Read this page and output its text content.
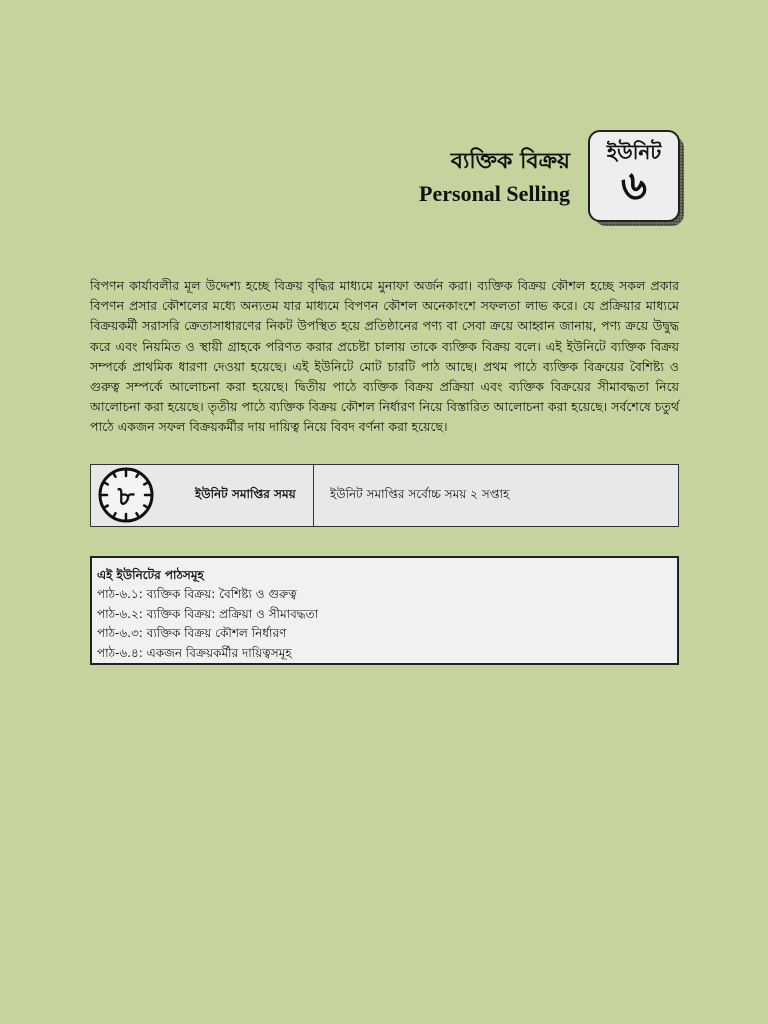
ব্যক্তিক বিক্রয়
Personal Selling
ইউনিট
৬

বিপণন কার্যাবলীর মূল উদ্দেশ্য হচ্ছে বিক্রয় বৃদ্ধির মাধ্যমে মুনাফা অর্জন করা। ব্যক্তিক বিক্রয় কৌশল হচ্ছে সকল প্রকার বিপণন প্রসার কৌশলের মধ্যে অন্যতম যার মাধ্যমে বিপণন কৌশল অনেকাংশে সফলতা লাভ করে। যে প্রক্রিয়ার মাধ্যমে বিক্রয়কর্মী সরাসরি ক্রেতাসাধারণের নিকট উপস্থিত হয়ে প্রতিষ্ঠানের পণ্য বা সেবা ক্রয়ে আহ্বান জানায়, পণ্য ক্রয়ে উদ্বুদ্ধ করে এবং নিয়মিত ও স্থায়ী গ্রাহকে পরিণত করার প্রচেষ্টা চালায় তাকে ব্যক্তিক বিক্রয় বলে। এই ইউনিটে ব্যক্তিক বিক্রয় সম্পর্কে প্রাথমিক ধারণা দেওয়া হয়েছে। এই ইউনিটে মোট চারটি পাঠ আছে। প্রথম পাঠে ব্যক্তিক বিক্রয়ের বৈশিষ্ট্য ও গুরুত্ব সম্পর্কে আলোচনা করা হয়েছে। দ্বিতীয় পাঠে ব্যক্তিক বিক্রয় প্রক্রিয়া এবং ব্যক্তিক বিক্রয়ের সীমাবদ্ধতা নিয়ে আলোচনা করা হয়েছে। তৃতীয় পাঠে ব্যক্তিক বিক্রয় কৌশল নির্ধারণ নিয়ে বিস্তারিত আলোচনা করা হয়েছে। সর্বশেষে চতুর্থ পাঠে একজন সফল বিক্রয়কর্মীর দায় দায়িত্ব নিয়ে বিবদ বর্ণনা করা হয়েছে।

৮	ইউনিট সমাপ্তির সময়	ইউনিট সমাপ্তির সর্বোচ্চ সময় ২ সপ্তাহ
এই ইউনিটের পাঠসমূহ
পাঠ-৬.১: ব্যক্তিক বিক্রয়: বৈশিষ্ট্য ও গুরুত্ব
পাঠ-৬.২: ব্যক্তিক বিক্রয়: প্রক্রিয়া ও সীমাবদ্ধতা
পাঠ-৬.৩: ব্যক্তিক বিক্রয় কৌশল নির্ধারণ
পাঠ-৬.৪: একজন বিক্রয়কর্মীর দায়িত্বসমূহ
